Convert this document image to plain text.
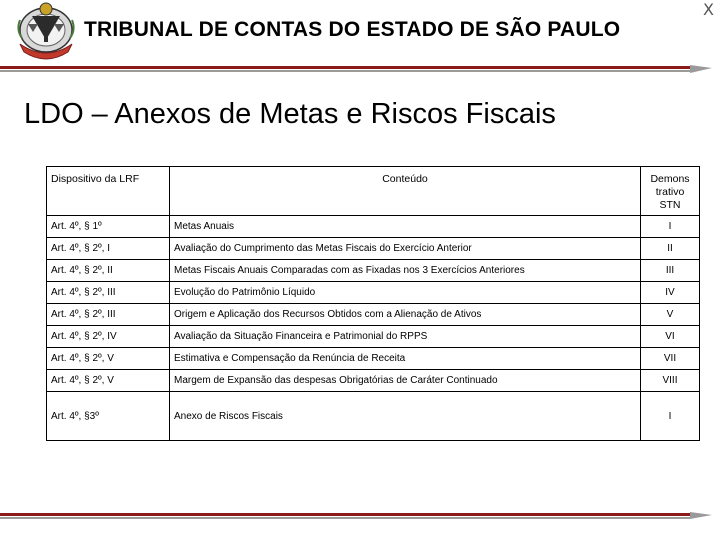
X
TRIBUNAL DE CONTAS DO ESTADO DE SÃO PAULO
LDO – Anexos de Metas e Riscos Fiscais
Dispositivo da LRF	Conteúdo	Demons trativo STN
Art. 4º, § 1º	Metas Anuais	I
Art. 4º, § 2º, I	Avaliação do Cumprimento das Metas Fiscais do Exercício Anterior	II
Art. 4º, § 2º, II	Metas Fiscais Anuais Comparadas com as Fixadas nos 3 Exercícios Anteriores	III
Art. 4º, § 2º, III	Evolução do Patrimônio Líquido	IV
Art. 4º, § 2º, III	Origem e Aplicação dos Recursos Obtidos com a Alienação de Ativos	V
Art. 4º, § 2º, IV	Avaliação da Situação Financeira e Patrimonial do RPPS	VI
Art. 4º, § 2º, V	Estimativa e Compensação da Renúncia de Receita	VII
Art. 4º, § 2º, V	Margem de Expansão das despesas Obrigatórias de Caráter Continuado	VIII
Art. 4º, §3º	Anexo de Riscos Fiscais	I
